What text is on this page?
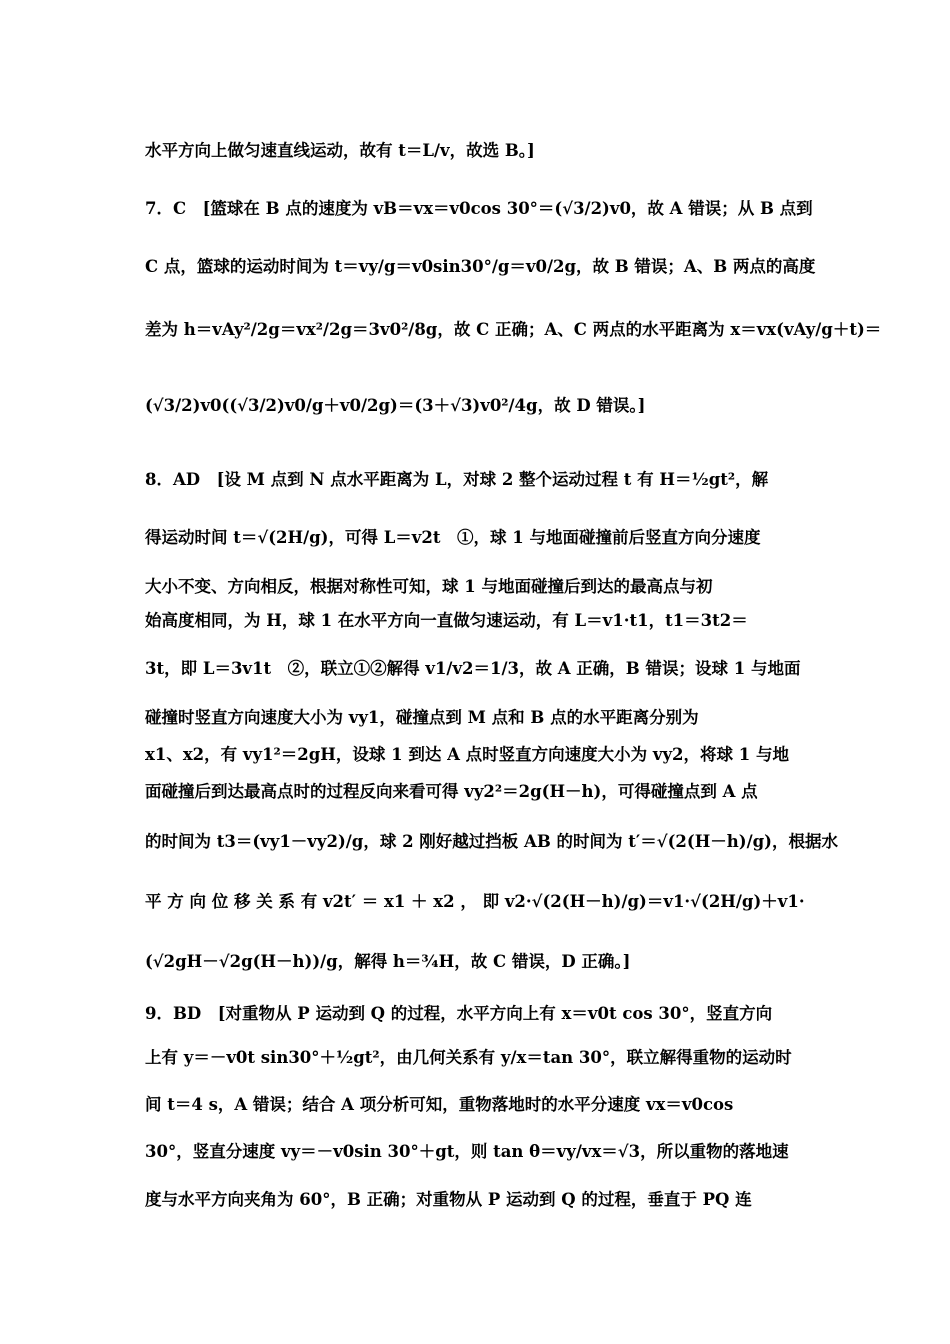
水平方向上做匀速直线运动，故有 t＝L/v，故选 B。]
7．C　[篮球在 B 点的速度为 vB＝vx＝v0cos 30°＝(√3/2)v0，故 A 错误；从 B 点到
C 点，篮球的运动时间为 t＝vy/g＝v0sin30°/g＝v0/2g，故 B 错误；A、B 两点的高度
差为 h＝vAy²/2g＝vx²/2g＝3v0²/8g，故 C 正确；A、C 两点的水平距离为 x＝vx(vAy/g＋t)＝
(√3/2)v0((√3/2)v0/g＋v0/2g)＝(3＋√3)v0²/4g，故 D 错误。]
8．AD　[设 M 点到 N 点水平距离为 L，对球 2 整个运动过程 t 有 H＝½gt²，解
得运动时间 t＝√(2H/g)，可得 L＝v2t　①，球 1 与地面碰撞前后竖直方向分速度
大小不变、方向相反，根据对称性可知，球 1 与地面碰撞后到达的最高点与初
始高度相同，为 H，球 1 在水平方向一直做匀速运动，有 L＝v1·t1，t1＝3t2＝
3t，即 L＝3v1t　②，联立①②解得 v1/v2＝1/3，故 A 正确，B 错误；设球 1 与地面
碰撞时竖直方向速度大小为 vy1，碰撞点到 M 点和 B 点的水平距离分别为
x1、x2，有 vy1²＝2gH，设球 1 到达 A 点时竖直方向速度大小为 vy2，将球 1 与地
面碰撞后到达最高点时的过程反向来看可得 vy2²＝2g(H－h)，可得碰撞点到 A 点
的时间为 t3＝(vy1－vy2)/g，球 2 刚好越过挡板 AB 的时间为 t′＝√(2(H－h)/g)，根据水
平 方 向 位 移 关 系 有 v2t′ ＝ x1 ＋ x2 ， 即 v2·√(2(H－h)/g)＝v1·√(2H/g)＋v1·
(√2gH－√2g(H－h))/g，解得 h＝¾H，故 C 错误，D 正确。]
9．BD　[对重物从 P 运动到 Q 的过程，水平方向上有 x＝v0t cos 30°，竖直方向
上有 y＝－v0t sin30°＋½gt²，由几何关系有 y/x＝tan 30°，联立解得重物的运动时
间 t＝4 s，A 错误；结合 A 项分析可知，重物落地时的水平分速度 vx＝v0cos
30°，竖直分速度 vy＝－v0sin 30°＋gt，则 tan θ＝vy/vx＝√3，所以重物的落地速
度与水平方向夹角为 60°，B 正确；对重物从 P 运动到 Q 的过程，垂直于 PQ 连
